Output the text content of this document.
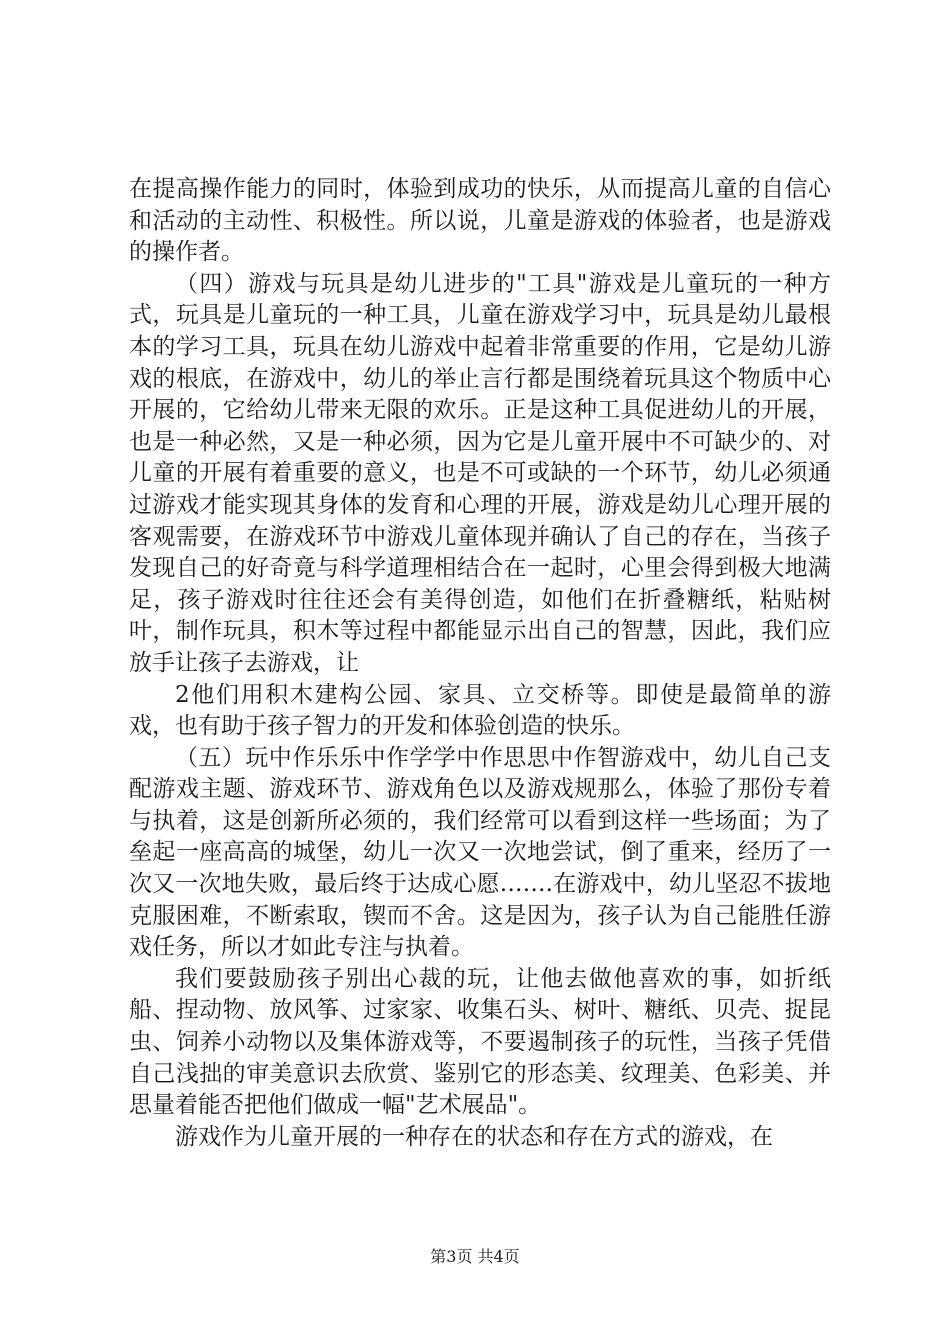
在提高操作能力的同时，体验到成功的快乐，从而提高儿童的自信心和活动的主动性、积极性。所以说，儿童是游戏的体验者，也是游戏的操作者。

（四）游戏与玩具是幼儿进步的"工具"游戏是儿童玩的一种方式，玩具是儿童玩的一种工具，儿童在游戏学习中，玩具是幼儿最根本的学习工具，玩具在幼儿游戏中起着非常重要的作用，它是幼儿游戏的根底，在游戏中，幼儿的举止言行都是围绕着玩具这个物质中心开展的，它给幼儿带来无限的欢乐。正是这种工具促进幼儿的开展，也是一种必然，又是一种必须，因为它是儿童开展中不可缺少的、对儿童的开展有着重要的意义，也是不可或缺的一个环节，幼儿必须通过游戏才能实现其身体的发育和心理的开展，游戏是幼儿心理开展的客观需要，在游戏环节中游戏儿童体现并确认了自己的存在，当孩子发现自己的好奇竟与科学道理相结合在一起时，心里会得到极大地满足，孩子游戏时往往还会有美得创造，如他们在折叠糖纸，粘贴树叶，制作玩具，积木等过程中都能显示出自己的智慧，因此，我们应放手让孩子去游戏，让

2他们用积木建构公园、家具、立交桥等。即使是最简单的游戏，也有助于孩子智力的开发和体验创造的快乐。

（五）玩中作乐乐中作学学中作思思中作智游戏中，幼儿自己支配游戏主题、游戏环节、游戏角色以及游戏规那么，体验了那份专着与执着，这是创新所必须的，我们经常可以看到这样一些场面；为了垒起一座高高的城堡，幼儿一次又一次地尝试，倒了重来，经历了一次又一次地失败，最后终于达成心愿…….在游戏中，幼儿坚忍不拔地克服困难，不断索取，锲而不舍。这是因为，孩子认为自己能胜任游戏任务，所以才如此专注与执着。

我们要鼓励孩子别出心裁的玩，让他去做他喜欢的事，如折纸船、捏动物、放风筝、过家家、收集石头、树叶、糖纸、贝壳、捉昆虫、饲养小动物以及集体游戏等，不要遏制孩子的玩性，当孩子凭借自己浅拙的审美意识去欣赏、鉴别它的形态美、纹理美、色彩美、并思量着能否把他们做成一幅"艺术展品"。

游戏作为儿童开展的一种存在的状态和存在方式的游戏，在

第3页 共4页
